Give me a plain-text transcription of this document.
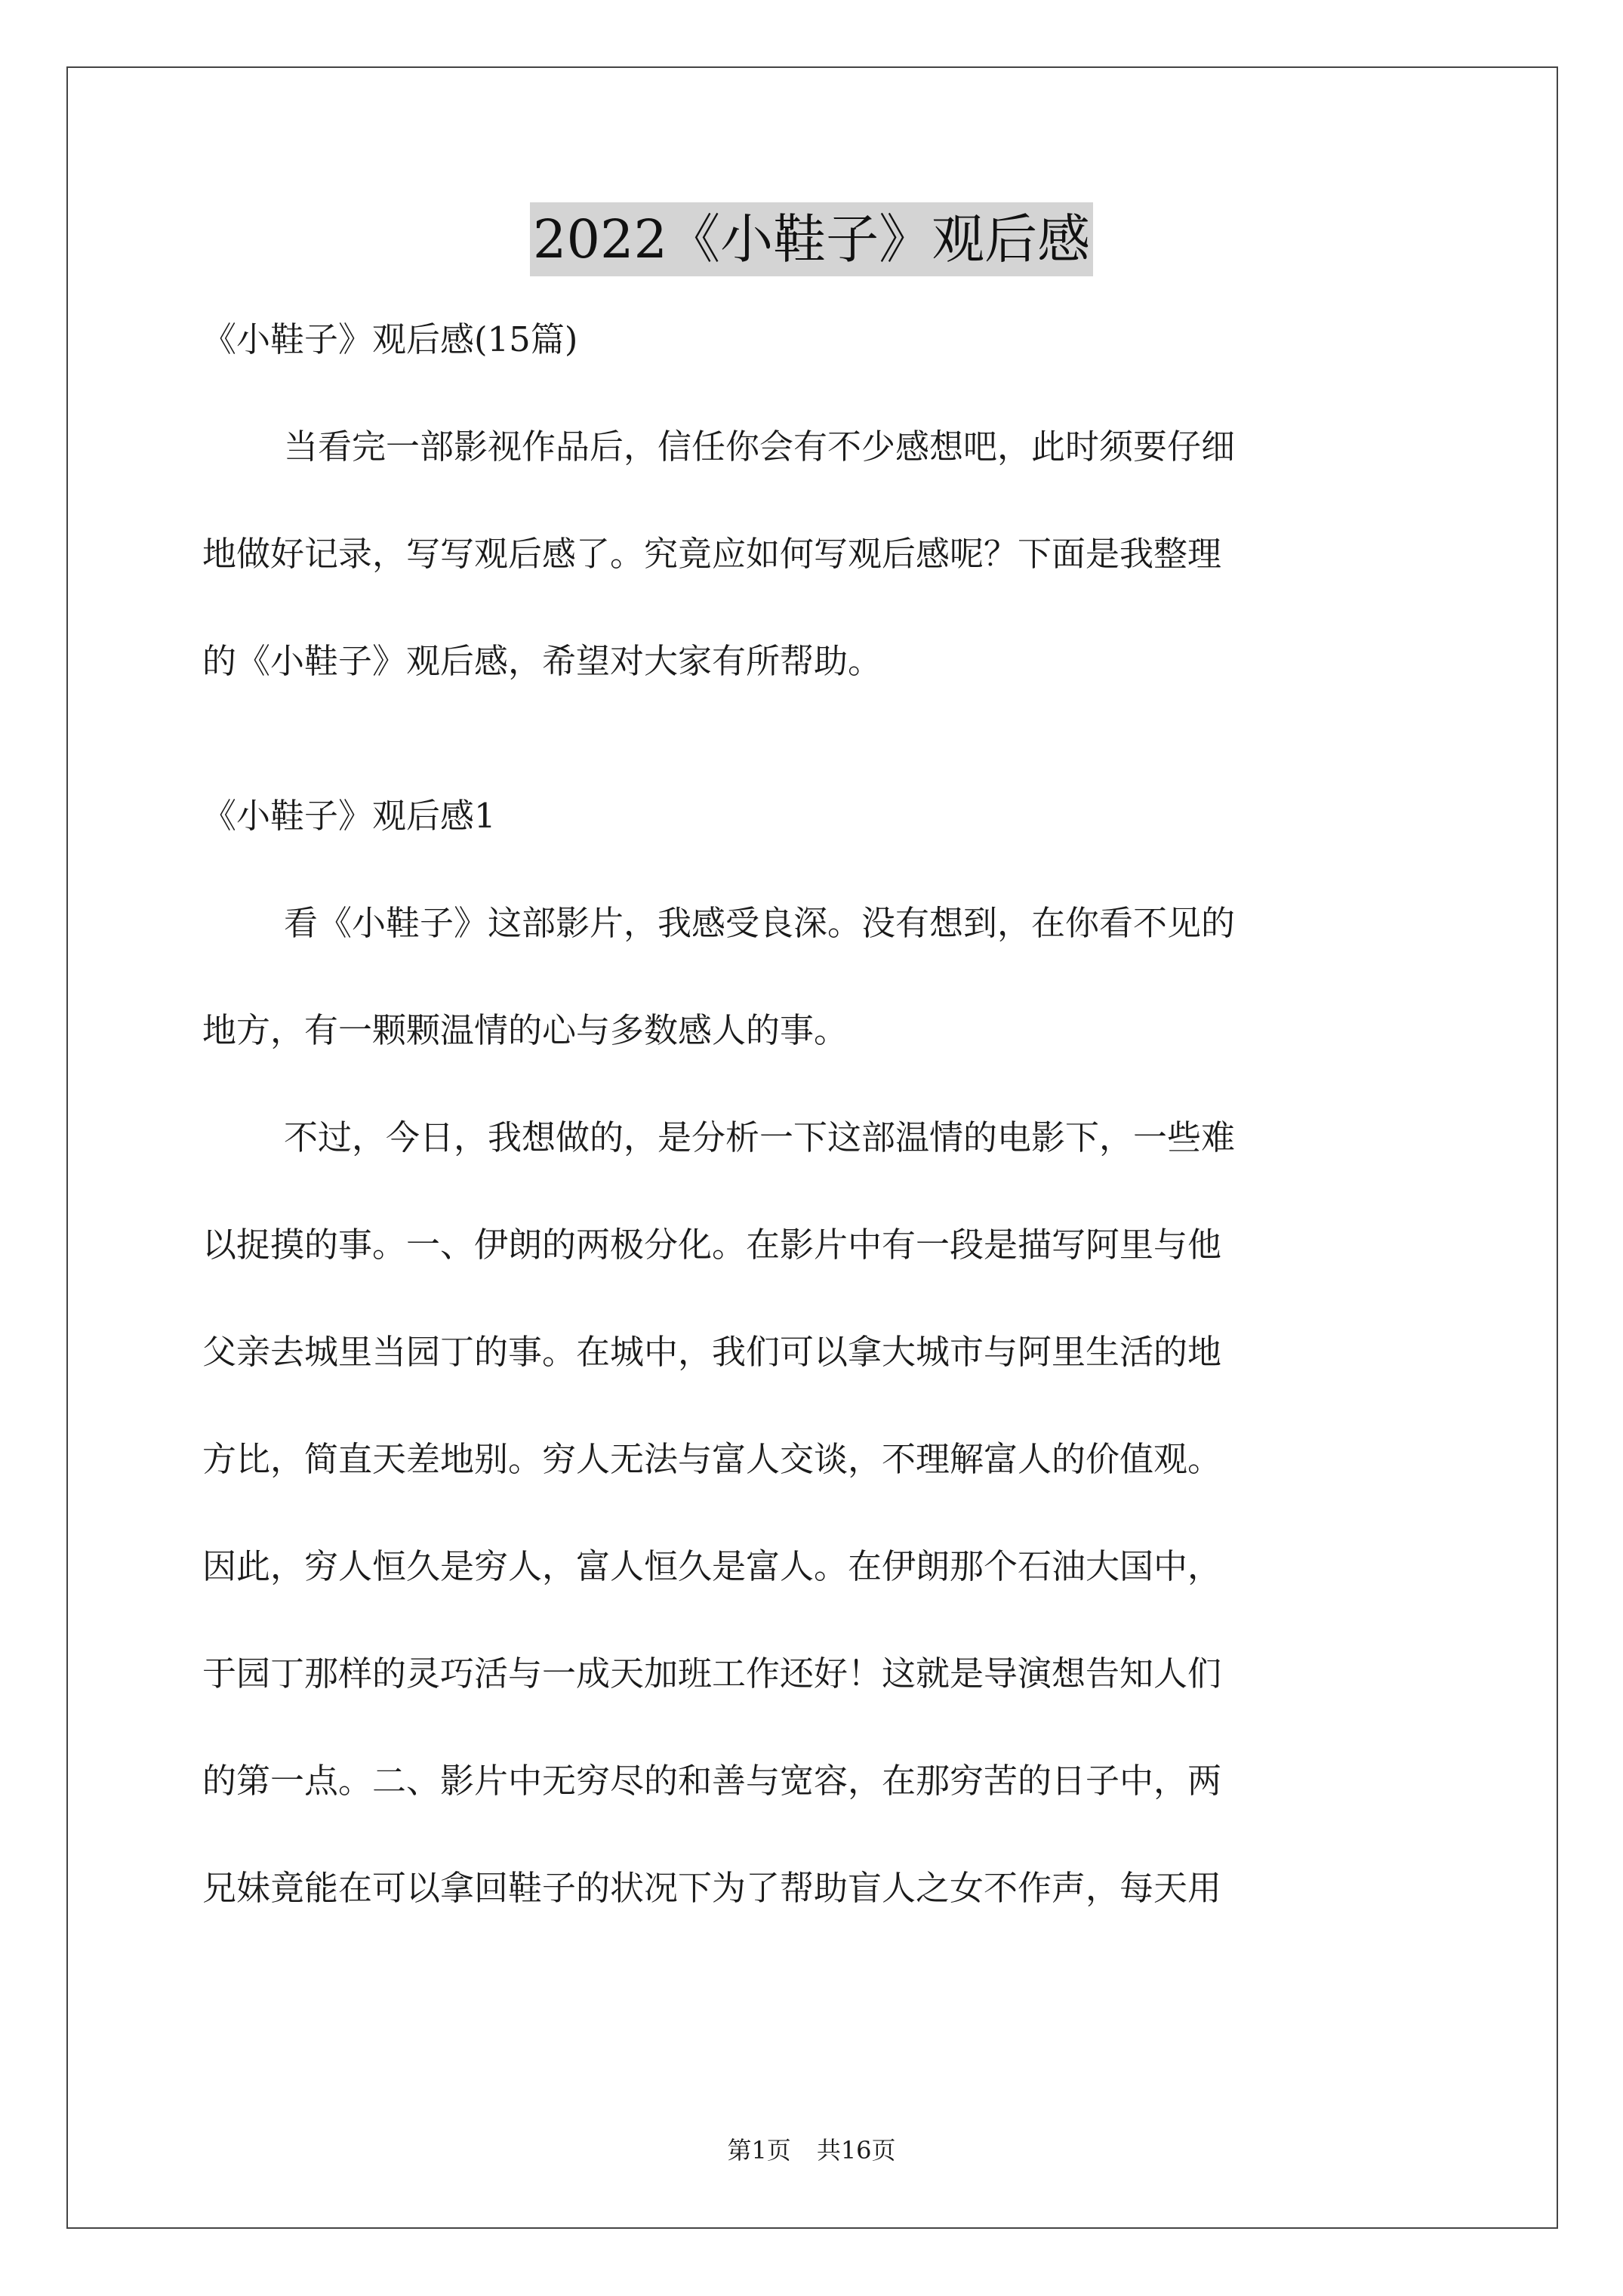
2022《小鞋子》观后感
《小鞋子》观后感(15篇)
当看完一部影视作品后，信任你会有不少感想吧，此时须要仔细
地做好记录，写写观后感了。究竟应如何写观后感呢？下面是我整理
的《小鞋子》观后感，希望对大家有所帮助。
《小鞋子》观后感1
看《小鞋子》这部影片，我感受良深。没有想到，在你看不见的
地方，有一颗颗温情的心与多数感人的事。
不过，今日，我想做的，是分析一下这部温情的电影下，一些难
以捉摸的事。一、伊朗的两极分化。在影片中有一段是描写阿里与他
父亲去城里当园丁的事。在城中，我们可以拿大城市与阿里生活的地
方比，简直天差地别。穷人无法与富人交谈，不理解富人的价值观。
因此，穷人恒久是穷人，富人恒久是富人。在伊朗那个石油大国中，
于园丁那样的灵巧活与一成天加班工作还好！这就是导演想告知人们
的第一点。二、影片中无穷尽的和善与宽容，在那穷苦的日子中，两
兄妹竟能在可以拿回鞋子的状况下为了帮助盲人之女不作声，每天用
第1页 共16页
